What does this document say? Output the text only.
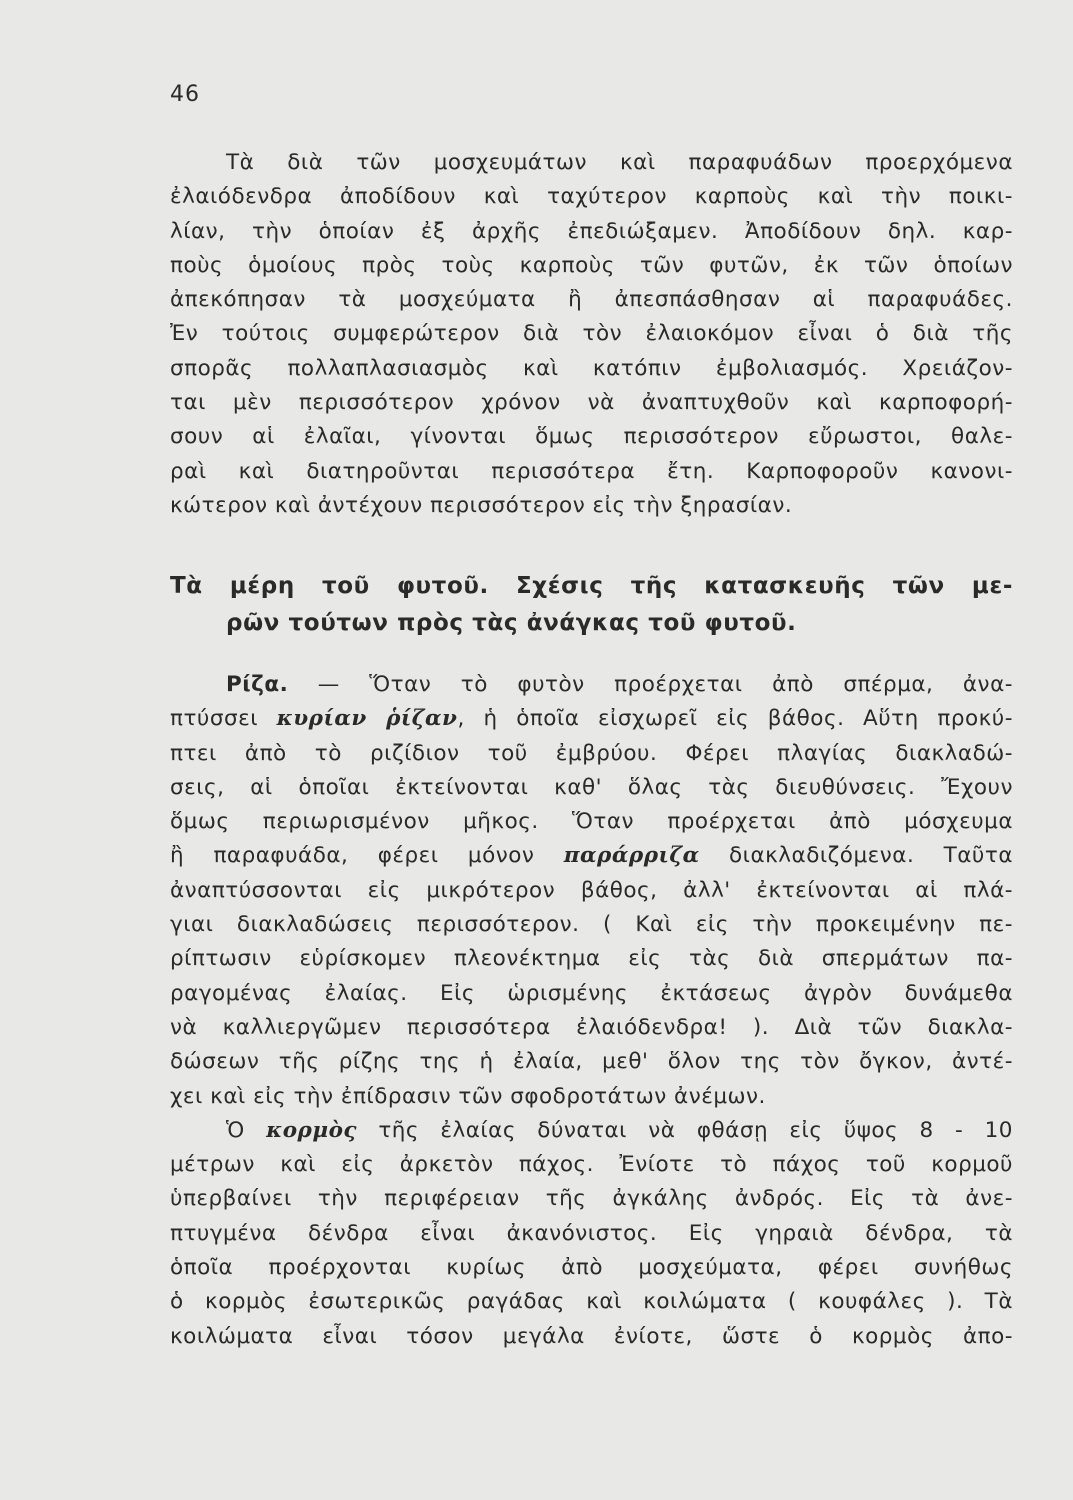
46
Τὰ διὰ τῶν μοσχευμάτων καὶ παραφυάδων προερχόμενα
ἐλαιόδενδρα ἀποδίδουν καὶ ταχύτερον καρποὺς καὶ τὴν ποικι-
λίαν, τὴν ὁποίαν ἐξ ἀρχῆς ἐπεδιώξαμεν. Ἀποδίδουν δηλ. καρ-
ποὺς ὁμοίους πρὸς τοὺς καρποὺς τῶν φυτῶν, ἐκ τῶν ὁποίων
ἀπεκόπησαν τὰ μοσχεύματα ἢ ἀπεσπάσθησαν αἱ παραφυάδες.
Ἐν τούτοις συμφερώτερον διὰ τὸν ἐλαιοκόμον εἶναι ὁ διὰ τῆς
σπορᾶς πολλαπλασιασμὸς καὶ κατόπιν ἐμβολιασμός. Χρειάζον-
ται μὲν περισσότερον χρόνον νὰ ἀναπτυχθοῦν καὶ καρποφορή-
σουν αἱ ἐλαῖαι, γίνονται ὅμως περισσότερον εὔρωστοι, θαλε-
ραὶ καὶ διατηροῦνται περισσότερα ἔτη. Καρποφοροῦν κανονι-
κώτερον καὶ ἀντέχουν περισσότερον εἰς τὴν ξηρασίαν.
Τὰ μέρη τοῦ φυτοῦ. Σχέσις τῆς κατασκευῆς τῶν με-
ρῶν τούτων πρὸς τὰς ἀνάγκας τοῦ φυτοῦ.
Ρίζα. — Ὅταν τὸ φυτὸν προέρχεται ἀπὸ σπέρμα, ἀνα-
πτύσσει κυρίαν ῥίζαν, ἡ ὁποῖα εἰσχωρεῖ εἰς βάθος. Αὕτη προκύ-
πτει ἀπὸ τὸ ριζίδιον τοῦ ἐμβρύου. Φέρει πλαγίας διακλαδώ-
σεις, αἱ ὁποῖαι ἐκτείνονται καθ' ὅλας τὰς διευθύνσεις. Ἔχουν
ὅμως περιωρισμένον μῆκος. Ὅταν προέρχεται ἀπὸ μόσχευμα
ἢ παραφυάδα, φέρει μόνον παράρριζα διακλαδιζόμενα. Ταῦτα
ἀναπτύσσονται εἰς μικρότερον βάθος, ἀλλ' ἐκτείνονται αἱ πλά-
γιαι διακλαδώσεις περισσότερον. ( Καὶ εἰς τὴν προκειμένην πε-
ρίπτωσιν εὑρίσκομεν πλεονέκτημα εἰς τὰς διὰ σπερμάτων πα-
ραγομένας ἐλαίας. Εἰς ὡρισμένης ἐκτάσεως ἀγρὸν δυνάμεθα
νὰ καλλιεργῶμεν περισσότερα ἐλαιόδενδρα! ). Διὰ τῶν διακλα-
δώσεων τῆς ρίζης της ἡ ἐλαία, μεθ' ὅλον της τὸν ὄγκον, ἀντέ-
χει καὶ εἰς τὴν ἐπίδρασιν τῶν σφοδροτάτων ἀνέμων.
Ὁ κορμὸς τῆς ἐλαίας δύναται νὰ φθάσῃ εἰς ὕψος 8 - 10
μέτρων καὶ εἰς ἀρκετὸν πάχος. Ἐνίοτε τὸ πάχος τοῦ κορμοῦ
ὑπερβαίνει τὴν περιφέρειαν τῆς ἀγκάλης ἀνδρός. Εἰς τὰ ἀνε-
πτυγμένα δένδρα εἶναι ἀκανόνιστος. Εἰς γηραιὰ δένδρα, τὰ
ὁποῖα προέρχονται κυρίως ἀπὸ μοσχεύματα, φέρει συνήθως
ὁ κορμὸς ἐσωτερικῶς ραγάδας καὶ κοιλώματα ( κουφάλες ). Τὰ
κοιλώματα εἶναι τόσον μεγάλα ἐνίοτε, ὥστε ὁ κορμὸς ἀπο-
